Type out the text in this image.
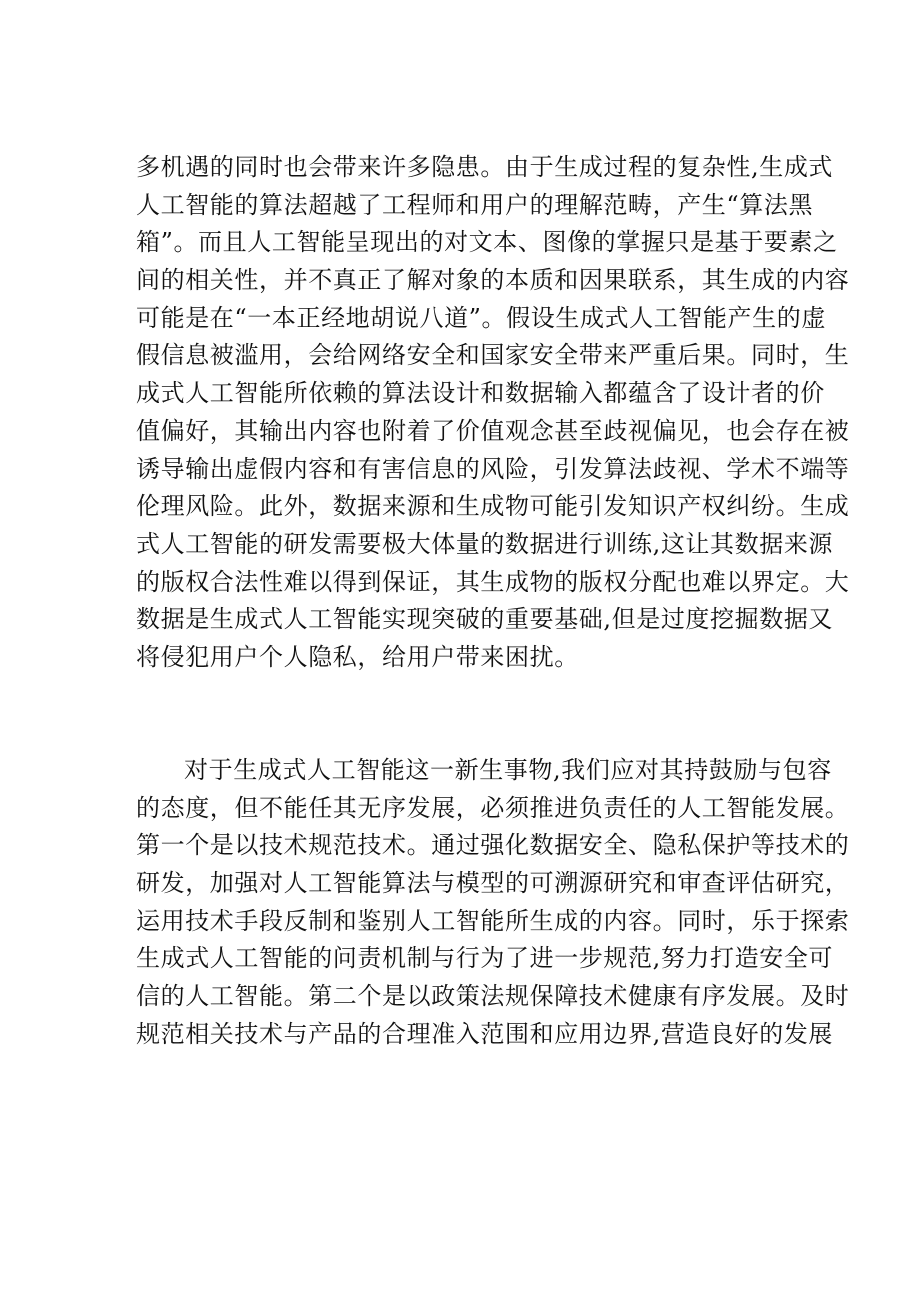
多机遇的同时也会带来许多隐患。由于生成过程的复杂性,生成式
人工智能的算法超越了工程师和用户的理解范畴，产生“算法黑
箱”。而且人工智能呈现出的对文本、图像的掌握只是基于要素之
间的相关性，并不真正了解对象的本质和因果联系，其生成的内容
可能是在“一本正经地胡说八道”。假设生成式人工智能产生的虚
假信息被滥用，会给网络安全和国家安全带来严重后果。同时，生
成式人工智能所依赖的算法设计和数据输入都蕴含了设计者的价
值偏好，其输出内容也附着了价值观念甚至歧视偏见，也会存在被
诱导输出虚假内容和有害信息的风险，引发算法歧视、学术不端等
伦理风险。此外，数据来源和生成物可能引发知识产权纠纷。生成
式人工智能的研发需要极大体量的数据进行训练,这让其数据来源
的版权合法性难以得到保证，其生成物的版权分配也难以界定。大
数据是生成式人工智能实现突破的重要基础,但是过度挖掘数据又
将侵犯用户个人隐私，给用户带来困扰。
对于生成式人工智能这一新生事物,我们应对其持鼓励与包容
的态度，但不能任其无序发展，必须推进负责任的人工智能发展。
第一个是以技术规范技术。通过强化数据安全、隐私保护等技术的
研发，加强对人工智能算法与模型的可溯源研究和审查评估研究，
运用技术手段反制和鉴别人工智能所生成的内容。同时，乐于探索
生成式人工智能的问责机制与行为了进一步规范,努力打造安全可
信的人工智能。第二个是以政策法规保障技术健康有序发展。及时
规范相关技术与产品的合理准入范围和应用边界,营造良好的发展
